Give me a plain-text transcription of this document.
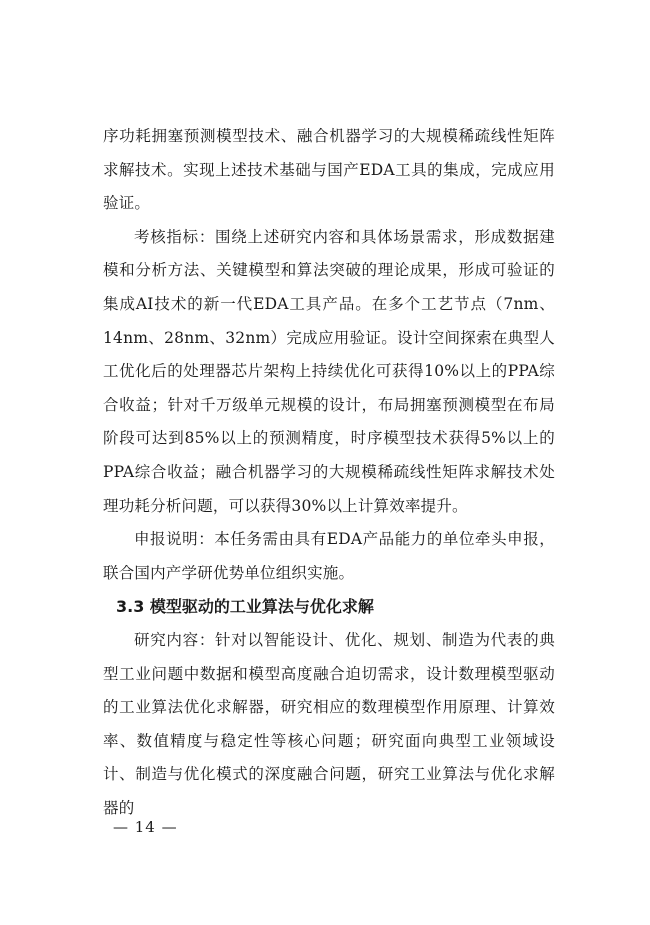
序功耗拥塞预测模型技术、融合机器学习的大规模稀疏线性矩阵求解技术。实现上述技术基础与国产EDA工具的集成，完成应用验证。

考核指标：围绕上述研究内容和具体场景需求，形成数据建模和分析方法、关键模型和算法突破的理论成果，形成可验证的集成AI技术的新一代EDA工具产品。在多个工艺节点（7nm、14nm、28nm、32nm）完成应用验证。设计空间探索在典型人工优化后的处理器芯片架构上持续优化可获得10%以上的PPA综合收益；针对千万级单元规模的设计，布局拥塞预测模型在布局阶段可达到85%以上的预测精度，时序模型技术获得5%以上的PPA综合收益；融合机器学习的大规模稀疏线性矩阵求解技术处理功耗分析问题，可以获得30%以上计算效率提升。

申报说明：本任务需由具有EDA产品能力的单位牵头申报，联合国内产学研优势单位组织实施。

3.3 模型驱动的工业算法与优化求解

研究内容：针对以智能设计、优化、规划、制造为代表的典型工业问题中数据和模型高度融合迫切需求，设计数理模型驱动的工业算法优化求解器，研究相应的数理模型作用原理、计算效率、数值精度与稳定性等核心问题；研究面向典型工业领域设计、制造与优化模式的深度融合问题，研究工业算法与优化求解器的

— 14 —
